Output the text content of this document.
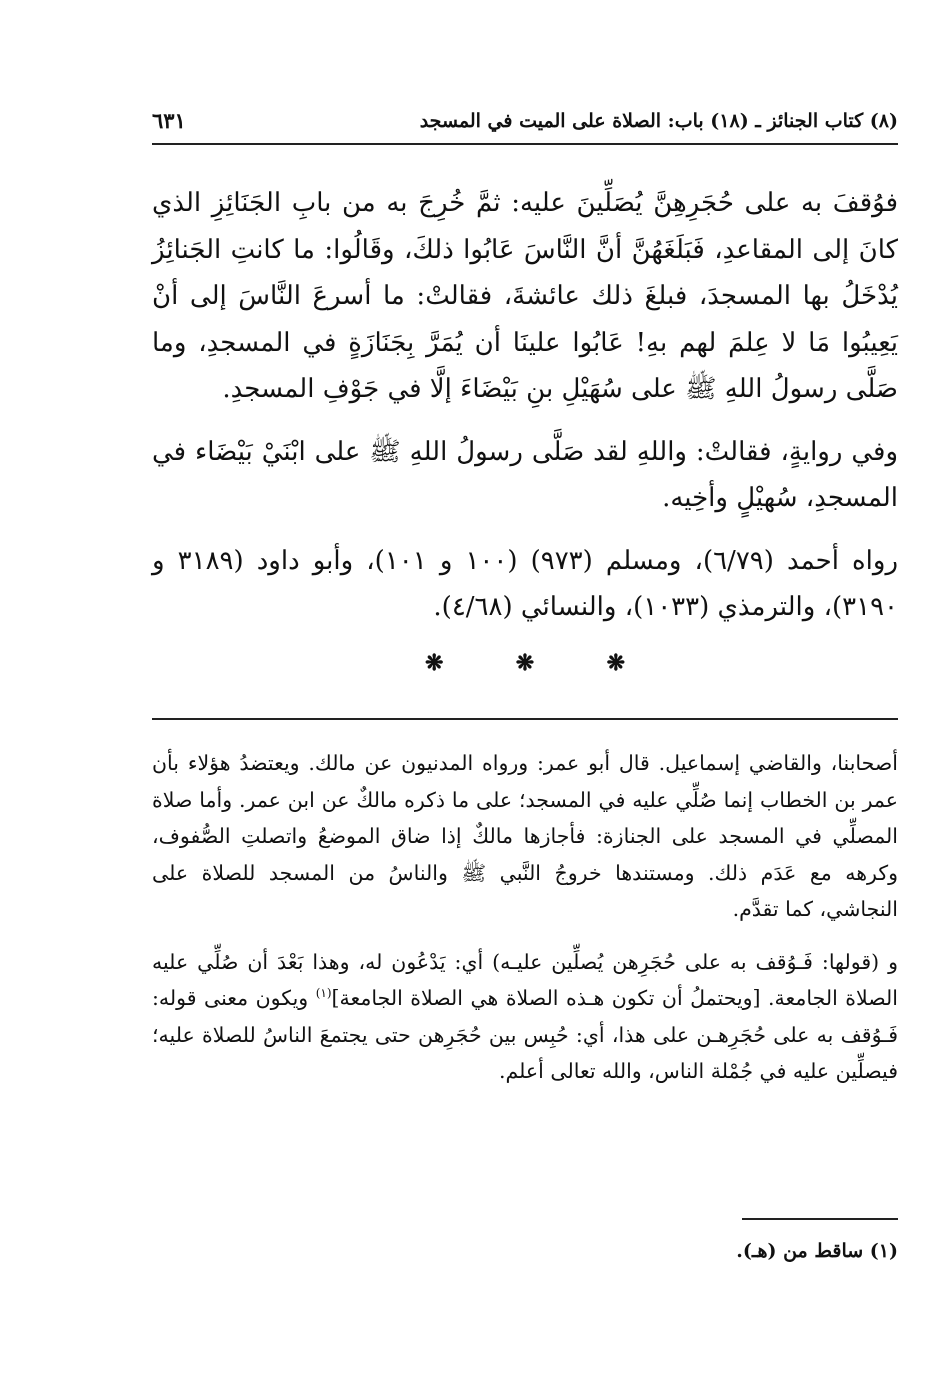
(٨) كتاب الجنائز ـ (١٨) باب: الصلاة على الميت في المسجد
٦٣١

فوُقفَ به على حُجَرِهِنَّ يُصَلِّينَ عليه: ثمَّ خُرِجَ به من بابِ الجَنَائِزِ الذي كانَ إلى المقاعدِ، فَبَلَغَهُنَّ أنَّ النَّاسَ عَابُوا ذلكَ، وقَالُوا: ما كانتِ الجَنائِزُ يُدْخَلُ بها المسجدَ، فبلغَ ذلك عائشةَ، فقالتْ: ما أسرعَ النَّاسَ إلى أنْ يَعِيبُوا مَا لا عِلمَ لهم بهِ! عَابُوا علينَا أن يُمَرَّ بِجَنَازَةٍ في المسجدِ، وما صَلَّى رسولُ اللهِ ﷺ على سُهَيْلِ بنِ بَيْضَاءَ إلَّا في جَوْفِ المسجدِ.

وفي روايةٍ، فقالتْ: واللهِ لقد صَلَّى رسولُ اللهِ ﷺ على ابْنَيْ بَيْضَاء في المسجدِ، سُهيْلٍ وأخِيه.

رواه أحمد (٦/٧٩)، ومسلم (٩٧٣) (١٠٠ و ١٠١)، وأبو داود (٣١٨٩ و ٣١٩٠)، والترمذي (١٠٣٣)، والنسائي (٤/٦٨).

❋
❋
❋

أصحابنا، والقاضي إسماعيل. قال أبو عمر: ورواه المدنيون عن مالك. ويعتضدُ هؤلاء بأن عمر بن الخطاب إنما صُلِّي عليه في المسجد؛ على ما ذكره مالكٌ عن ابن عمر. وأما صلاة المصلِّي في المسجد على الجنازة: فأجازها مالكٌ إذا ضاق الموضعُ واتصلتِ الصُّفوف، وكرهه مع عَدَم ذلك. ومستندها خروجُ النَّبي ﷺ والناسُ من المسجد للصلاة على النجاشي، كما تقدَّم.

و (قولها: فَـوُقف به على حُجَرِهن يُصلِّين عليـه) أي: يَدْعُون له، وهذا بَعْدَ أن صُلِّي عليه الصلاة الجامعة. [ويحتملُ أن تكون هـذه الصلاة هي الصلاة الجامعة]$^{(١)}$ ويكون معنى قوله: فَـوُقف به على حُجَرِهـن على هذا، أي: حُبِس بين حُجَرِهن حتى يجتمعَ الناسُ للصلاة عليه؛ فيصلِّين عليه في جُمْلة الناس، والله تعالى أعلم.

(١) ساقط من (هـ).
